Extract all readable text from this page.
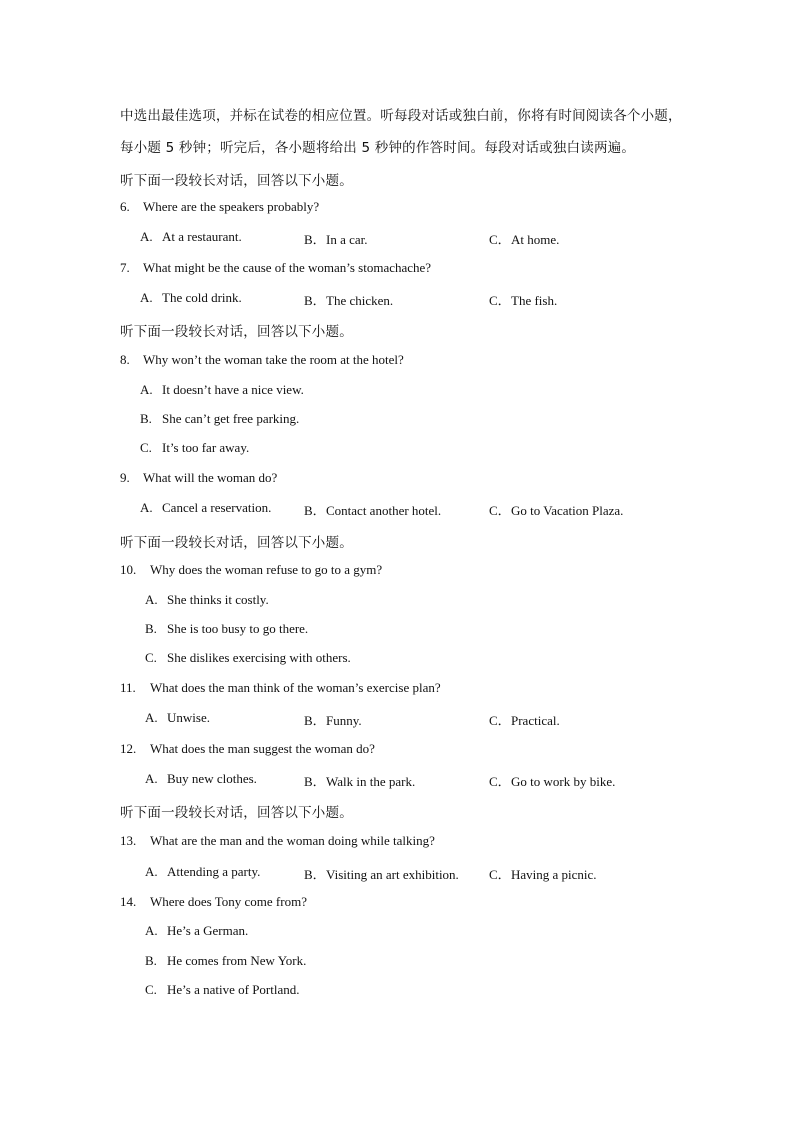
中选出最佳选项，并标在试卷的相应位置。听每段对话或独白前，你将有时间阅读各个小题，
每小题 5 秒钟；听完后，各小题将给出 5 秒钟的作答时间。每段对话或独白读两遍。
听下面一段较长对话，回答以下小题。
6. Where are the speakers probably?
A. At a restaurant.	B．In a car.	C．At home.
7. What might be the cause of the woman’s stomachache?
A. The cold drink.	B．The chicken.	C．The fish.
听下面一段较长对话，回答以下小题。
8. Why won’t the woman take the room at the hotel?
A. It doesn’t have a nice view.
B. She can’t get free parking.
C. It’s too far away.
9. What will the woman do?
A. Cancel a reservation.	B．Contact another hotel.	C．Go to Vacation Plaza.
听下面一段较长对话，回答以下小题。
10. Why does the woman refuse to go to a gym?
A. She thinks it costly.
B. She is too busy to go there.
C. She dislikes exercising with others.
11. What does the man think of the woman’s exercise plan?
A. Unwise.	B．Funny.	C．Practical.
12. What does the man suggest the woman do?
A. Buy new clothes.	B．Walk in the park.	C．Go to work by bike.
听下面一段较长对话，回答以下小题。
13. What are the man and the woman doing while talking?
A. Attending a party.	B．Visiting an art exhibition. C．Having a picnic.
14. Where does Tony come from?
A. He’s a German.
B. He comes from New York.
C. He’s a native of Portland.
